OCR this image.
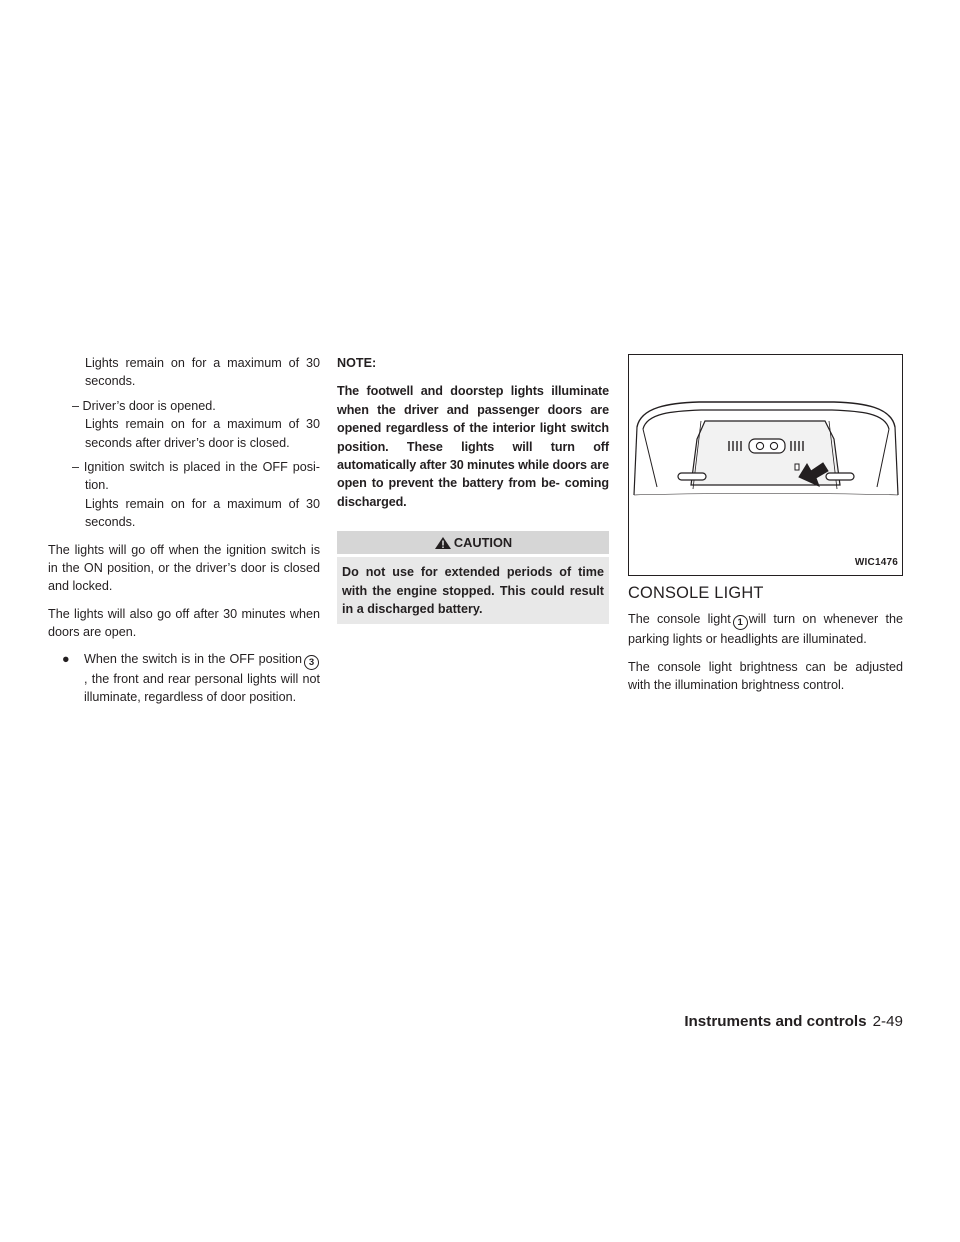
Lights remain on for a maximum of 30 seconds.

– Driver’s door is opened.

Lights remain on for a maximum of 30 seconds after driver’s door is closed.

– Ignition switch is placed in the OFF posi- tion.

Lights remain on for a maximum of 30 seconds.

The lights will go off when the ignition switch is in the ON position, or the driver’s door is closed and locked.

The lights will also go off after 30 minutes when doors are open.

●	When the switch is in the OFF position 3, the front and rear personal lights will not illuminate, regardless of door position.

NOTE:

The footwell and doorstep lights illuminate when the driver and passenger doors are opened regardless of the interior light switch position. These lights will turn off automatically after 30 minutes while doors are open to prevent the battery from be- coming discharged.

CAUTION
Do not use for extended periods of time with the engine stopped. This could result in a discharged battery.
WIC1476
CONSOLE LIGHT

The console light 1 will turn on whenever the parking lights or headlights are illuminated.

The console light brightness can be adjusted with the illumination brightness control.

Instruments and controls 2-49
